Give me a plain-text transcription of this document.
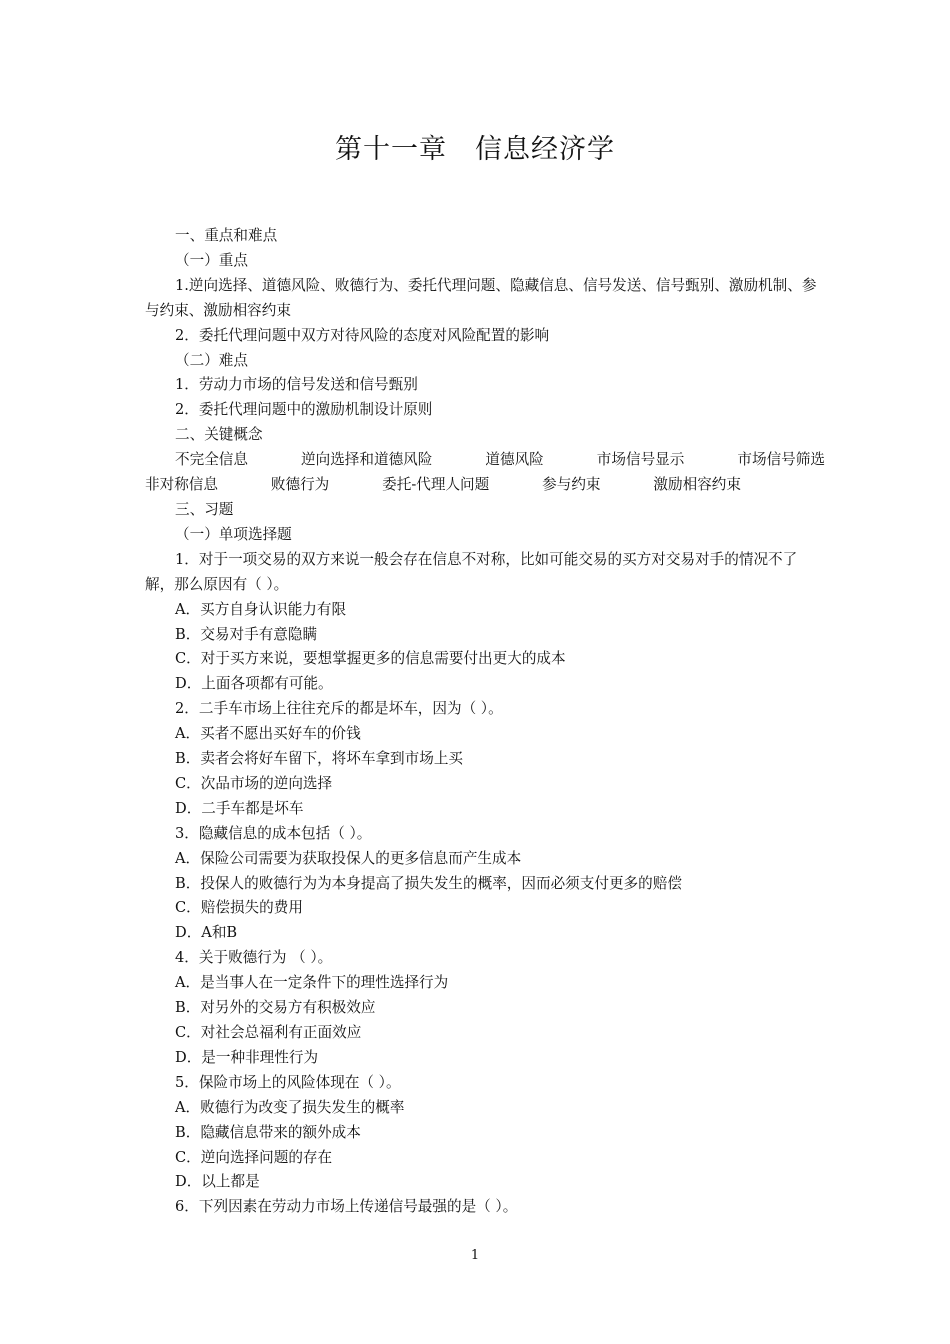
第十一章　信息经济学
一、重点和难点
（一）重点
1.逆向选择、道德风险、败德行为、委托代理问题、隐藏信息、信号发送、信号甄别、激励机制、参与约束、激励相容约束
2．委托代理问题中双方对待风险的态度对风险配置的影响
（二）难点
1．劳动力市场的信号发送和信号甄别
2．委托代理问题中的激励机制设计原则
二、关键概念
不完全信息	逆向选择和道德风险	道德风险	市场信号显示	市场信号筛选
非对称信息	败德行为	委托-代理人问题	参与约束	激励相容约束
三、习题
（一）单项选择题
1．对于一项交易的双方来说一般会存在信息不对称，比如可能交易的买方对交易对手的情况不了解，那么原因有（ ）。
A．买方自身认识能力有限
B．交易对手有意隐瞒
C．对于买方来说，要想掌握更多的信息需要付出更大的成本
D．上面各项都有可能。
2．二手车市场上往往充斥的都是坏车，因为（ ）。
A．买者不愿出买好车的价钱
B．卖者会将好车留下，将坏车拿到市场上买
C．次品市场的逆向选择
D．二手车都是坏车
3．隐藏信息的成本包括（ ）。
A．保险公司需要为获取投保人的更多信息而产生成本
B．投保人的败德行为为本身提高了损失发生的概率，因而必须支付更多的赔偿
C．赔偿损失的费用
D．A和B
4．关于败德行为 （ ）。
A．是当事人在一定条件下的理性选择行为
B．对另外的交易方有积极效应
C．对社会总福利有正面效应
D．是一种非理性行为
5．保险市场上的风险体现在（ ）。
A．败德行为改变了损失发生的概率
B．隐藏信息带来的额外成本
C．逆向选择问题的存在
D．以上都是
6．下列因素在劳动力市场上传递信号最强的是（ ）。
1
